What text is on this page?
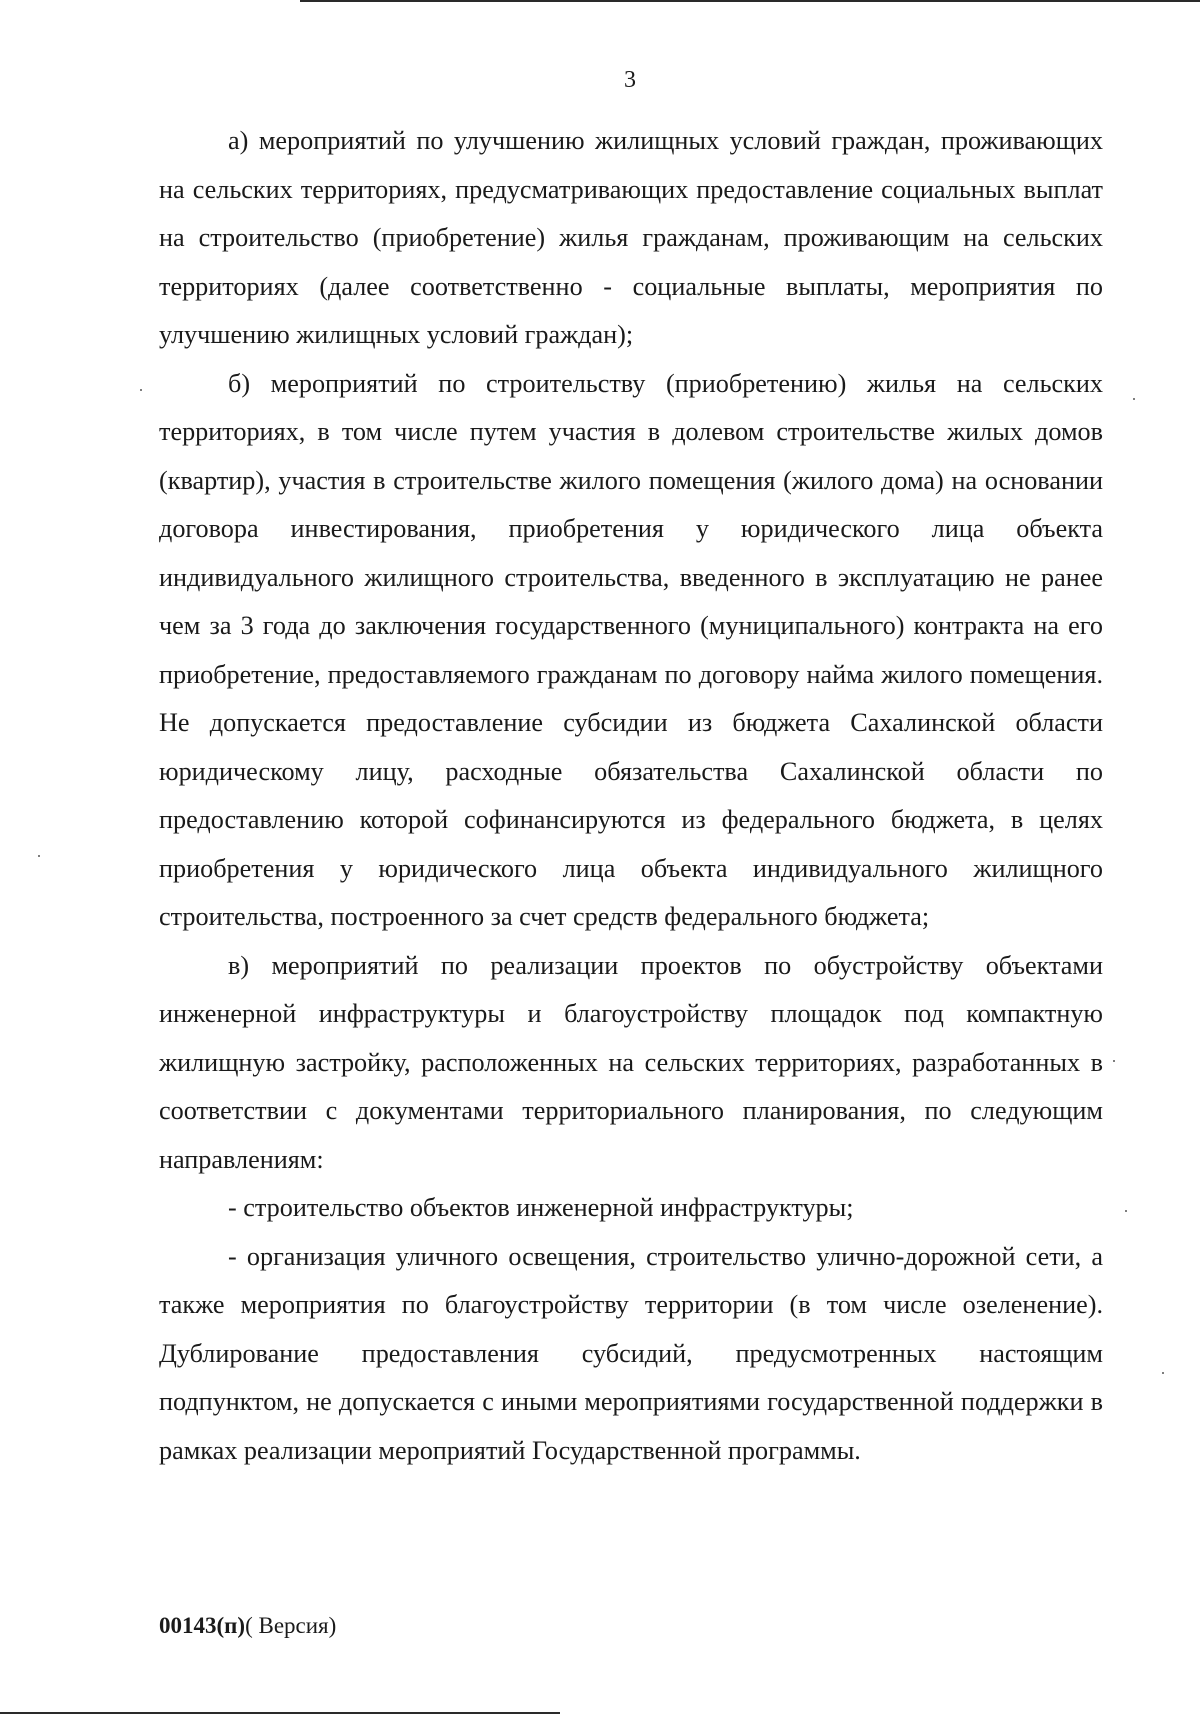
3

а) мероприятий по улучшению жилищных условий граждан, проживающих на сельских территориях, предусматривающих предоставление социальных выплат на строительство (приобретение) жилья гражданам, проживающим на сельских территориях (далее соответственно - социальные выплаты, мероприятия по улучшению жилищных условий граждан);

б) мероприятий по строительству (приобретению) жилья на сельских территориях, в том числе путем участия в долевом строительстве жилых домов (квартир), участия в строительстве жилого помещения (жилого дома) на основании договора инвестирования, приобретения у юридического лица объекта индивидуального жилищного строительства, введенного в эксплуатацию не ранее чем за 3 года до заключения государственного (муниципального) контракта на его приобретение, предоставляемого гражданам по договору найма жилого помещения. Не допускается предоставление субсидии из бюджета Сахалинской области юридическому лицу, расходные обязательства Сахалинской области по предоставлению которой софинансируются из федерального бюджета, в целях приобретения у юридического лица объекта индивидуального жилищного строительства, построенного за счет средств федерального бюджета;

в) мероприятий по реализации проектов по обустройству объектами инженерной инфраструктуры и благоустройству площадок под компактную жилищную застройку, расположенных на сельских территориях, разработанных в соответствии с документами территориального планирования, по следующим направлениям:

- строительство объектов инженерной инфраструктуры;

- организация уличного освещения, строительство улично-дорожной сети, а также мероприятия по благоустройству территории (в том числе озеленение). Дублирование предоставления субсидий, предусмотренных настоящим подпунктом, не допускается с иными мероприятиями государственной поддержки в рамках реализации мероприятий Государственной программы.

00143(п)( Версия)
